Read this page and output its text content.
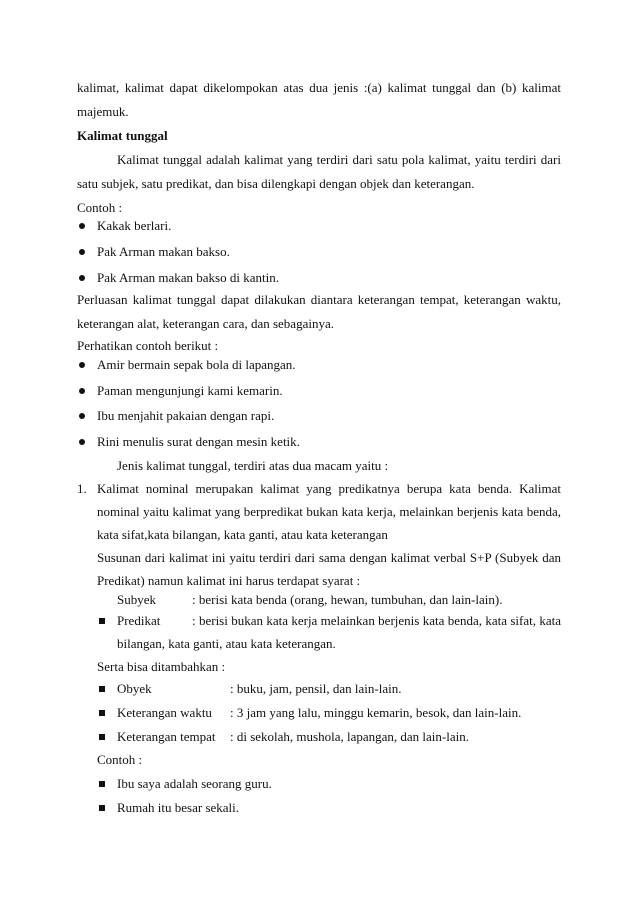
kalimat, kalimat dapat dikelompokan atas dua jenis :(a) kalimat tunggal dan (b) kalimat
majemuk.
Kalimat tunggal
Kalimat tunggal adalah kalimat yang terdiri dari satu pola kalimat, yaitu terdiri dari
satu subjek, satu predikat, dan bisa dilengkapi dengan objek dan keterangan.
Contoh :
Kakak berlari.
Pak Arman makan bakso.
Pak Arman makan bakso di kantin.
Perluasan kalimat tunggal dapat dilakukan diantara keterangan tempat, keterangan waktu,
keterangan alat, keterangan cara, dan sebagainya.
Perhatikan contoh berikut :
Amir bermain sepak bola di lapangan.
Paman mengunjungi kami kemarin.
Ibu menjahit pakaian dengan rapi.
Rini menulis surat dengan mesin ketik.
Jenis kalimat tunggal, terdiri atas dua macam yaitu :
1. Kalimat nominal merupakan kalimat yang predikatnya berupa kata benda. Kalimat
nominal yaitu kalimat yang berpredikat bukan kata kerja, melainkan berjenis kata benda,
kata sifat,kata bilangan, kata ganti, atau kata keterangan
Susunan dari kalimat ini yaitu terdiri dari sama dengan kalimat verbal S+P (Subyek dan
Predikat) namun kalimat ini harus terdapat syarat :
Subyek	: berisi kata benda (orang, hewan, tumbuhan, dan lain-lain).
Predikat : berisi bukan kata kerja melainkan berjenis kata benda, kata sifat, kata
bilangan, kata ganti, atau kata keterangan.
Serta bisa ditambahkan :
Obyek	: buku, jam, pensil, dan lain-lain.
Keterangan waktu : 3 jam yang lalu, minggu kemarin, besok, dan lain-lain.
Keterangan tempat : di sekolah, mushola, lapangan, dan lain-lain.
Contoh :
Ibu saya adalah seorang guru.
Rumah itu besar sekali.
